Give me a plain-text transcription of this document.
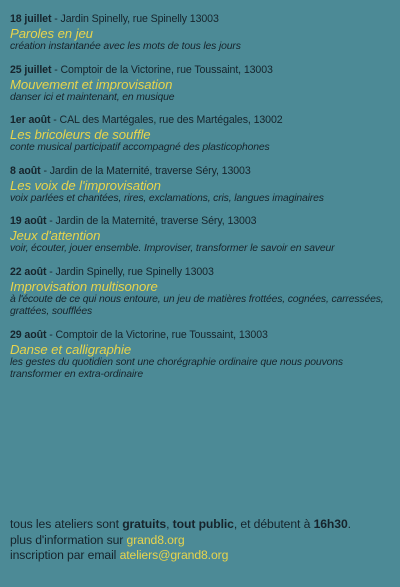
18 juillet - Jardin Spinelly, rue Spinelly 13003
Paroles en jeu
création instantanée avec les mots de tous les jours
25 juillet - Comptoir de la Victorine, rue Toussaint, 13003
Mouvement et improvisation
danser ici et maintenant, en musique
1er août - CAL des Martégales, rue des Martégales, 13002
Les bricoleurs de souffle
conte musical participatif accompagné des plasticophones
8 août - Jardin de la Maternité, traverse Séry, 13003
Les voix de l'improvisation
voix parlées et chantées, rires, exclamations, cris, langues imaginaires
19 août - Jardin de la Maternité, traverse Séry, 13003
Jeux d'attention
voir, écouter, jouer ensemble. Improviser, transformer le savoir en saveur
22 août - Jardin Spinelly, rue Spinelly 13003
Improvisation multisonore
à l'écoute de ce qui nous entoure, un jeu de matières frottées, cognées, carressées, grattées, soufflées
29 août - Comptoir de la Victorine, rue Toussaint, 13003
Danse et calligraphie
les gestes du quotidien sont une chorégraphie ordinaire que nous pouvons transformer en extra-ordinaire
tous les ateliers sont gratuits, tout public, et débutent à 16h30.
plus d'information sur grand8.org
inscription par email ateliers@grand8.org
